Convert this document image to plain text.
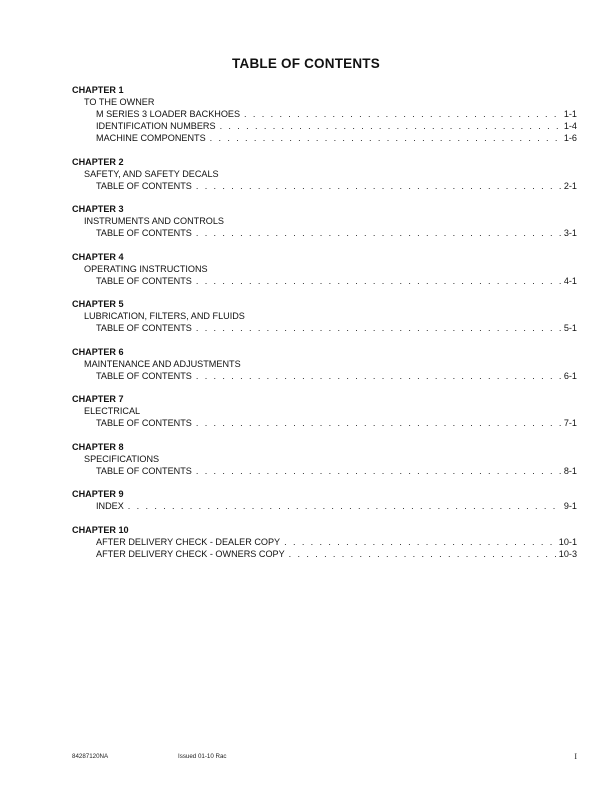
TABLE OF CONTENTS
CHAPTER 1
TO THE OWNER
M SERIES 3 LOADER BACKHOES . . .	1-1
IDENTIFICATION NUMBERS . . .	1-4
MACHINE COMPONENTS . . .	1-6
CHAPTER 2
SAFETY, AND SAFETY DECALS
TABLE OF CONTENTS . . .	2-1
CHAPTER 3
INSTRUMENTS AND CONTROLS
TABLE OF CONTENTS . . .	3-1
CHAPTER 4
OPERATING INSTRUCTIONS
TABLE OF CONTENTS . . .	4-1
CHAPTER 5
LUBRICATION, FILTERS, AND FLUIDS
TABLE OF CONTENTS . . .	5-1
CHAPTER 6
MAINTENANCE AND ADJUSTMENTS
TABLE OF CONTENTS . . .	6-1
CHAPTER 7
ELECTRICAL
TABLE OF CONTENTS . . .	7-1
CHAPTER 8
SPECIFICATIONS
TABLE OF CONTENTS . . .	8-1
CHAPTER 9
INDEX . . .	9-1
CHAPTER 10
AFTER DELIVERY CHECK - DEALER COPY . . .	10-1
AFTER DELIVERY CHECK - OWNERS COPY . . .	10-3
84287120NA	Issued 01-10 Rac	I
